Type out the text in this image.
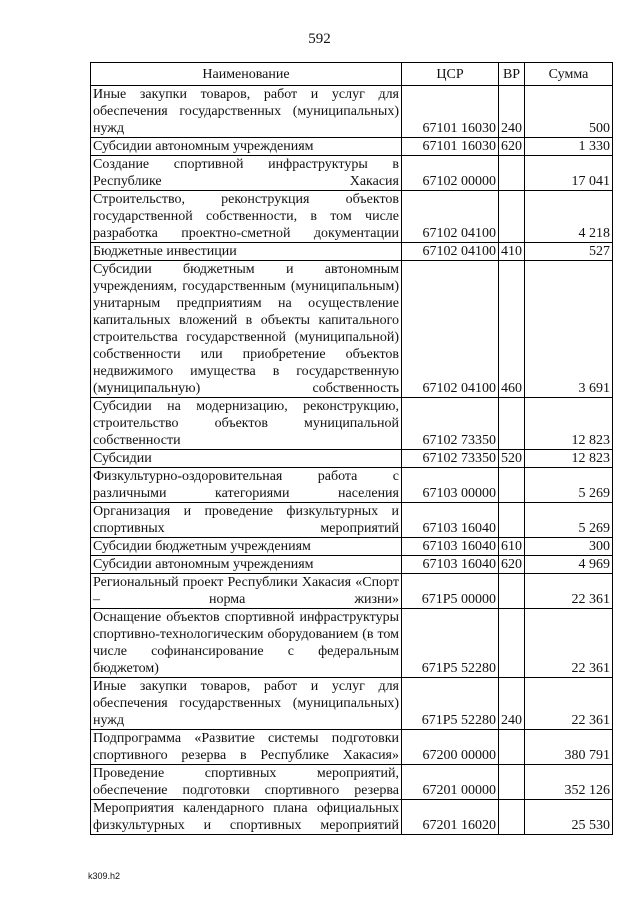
592
Наименование	ЦСР	ВР	Сумма
Иные закупки товаров, работ и услуг для обеспечения государственных (муниципальных) нужд	67101 16030	240	500
Субсидии автономным учреждениям	67101 16030	620	1 330
Создание спортивной инфраструктуры в Республике Хакасия	67102 00000		17 041
Строительство, реконструкция объектов государственной собственности, в том числе разработка проектно-сметной документации	67102 04100		4 218
Бюджетные инвестиции	67102 04100	410	527
Субсидии бюджетным и автономным учреждениям, государственным (муниципальным) унитарным предприятиям на осуществление капитальных вложений в объекты капитального строительства государственной (муниципальной) собственности или приобретение объектов недвижимого имущества в государственную (муниципальную) собственность	67102 04100	460	3 691
Субсидии на модернизацию, реконструкцию, строительство объектов муниципальной собственности	67102 73350		12 823
Субсидии	67102 73350	520	12 823
Физкультурно-оздоровительная работа с различными категориями населения	67103 00000		5 269
Организация и проведение физкультурных и спортивных мероприятий	67103 16040		5 269
Субсидии бюджетным учреждениям	67103 16040	610	300
Субсидии автономным учреждениям	67103 16040	620	4 969
Региональный проект Республики Хакасия «Спорт – норма жизни»	671P5 00000		22 361
Оснащение объектов спортивной инфраструктуры спортивно-технологическим оборудованием (в том числе софинансирование с федеральным бюджетом)	671P5 52280		22 361
Иные закупки товаров, работ и услуг для обеспечения государственных (муниципальных) нужд	671P5 52280	240	22 361
Подпрограмма «Развитие системы подготовки спортивного резерва в Республике Хакасия»	67200 00000		380 791
Проведение спортивных мероприятий, обеспечение подготовки спортивного резерва	67201 00000		352 126
Мероприятия календарного плана официальных физкультурных и спортивных мероприятий	67201 16020		25 530
k309.h2
